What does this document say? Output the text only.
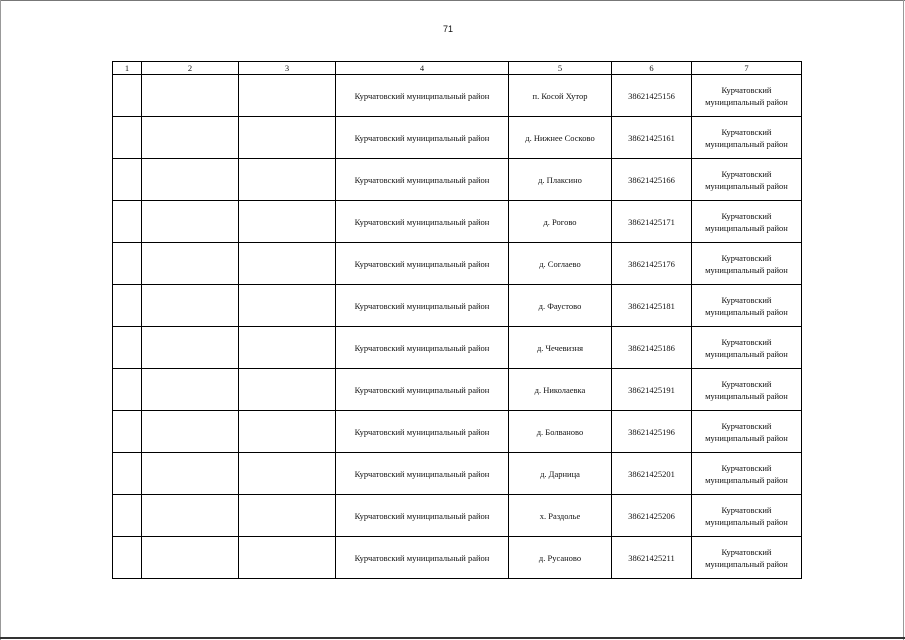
71
1	2	3	4	5	6	7
			Курчатовский муниципальный район	п. Косой Хутор	38621425156	Курчатовский
муниципальный район

			Курчатовский муниципальный район	д. Нижнее Сосково	38621425161	Курчатовский
муниципальный район

			Курчатовский муниципальный район	д. Плаксино	38621425166	Курчатовский
муниципальный район

			Курчатовский муниципальный район	д. Рогово	38621425171	Курчатовский
муниципальный район

			Курчатовский муниципальный район	д. Соглаево	38621425176	Курчатовский
муниципальный район

			Курчатовский муниципальный район	д. Фаустово	38621425181	Курчатовский
муниципальный район

			Курчатовский муниципальный район	д. Чечевизня	38621425186	Курчатовский
муниципальный район

			Курчатовский муниципальный район	д. Николаевка	38621425191	Курчатовский
муниципальный район

			Курчатовский муниципальный район	д. Болваново	38621425196	Курчатовский
муниципальный район

			Курчатовский муниципальный район	д. Дарница	38621425201	Курчатовский
муниципальный район

			Курчатовский муниципальный район	х. Раздолье	38621425206	Курчатовский
муниципальный район

			Курчатовский муниципальный район	д. Русаново	38621425211	Курчатовский
муниципальный район
